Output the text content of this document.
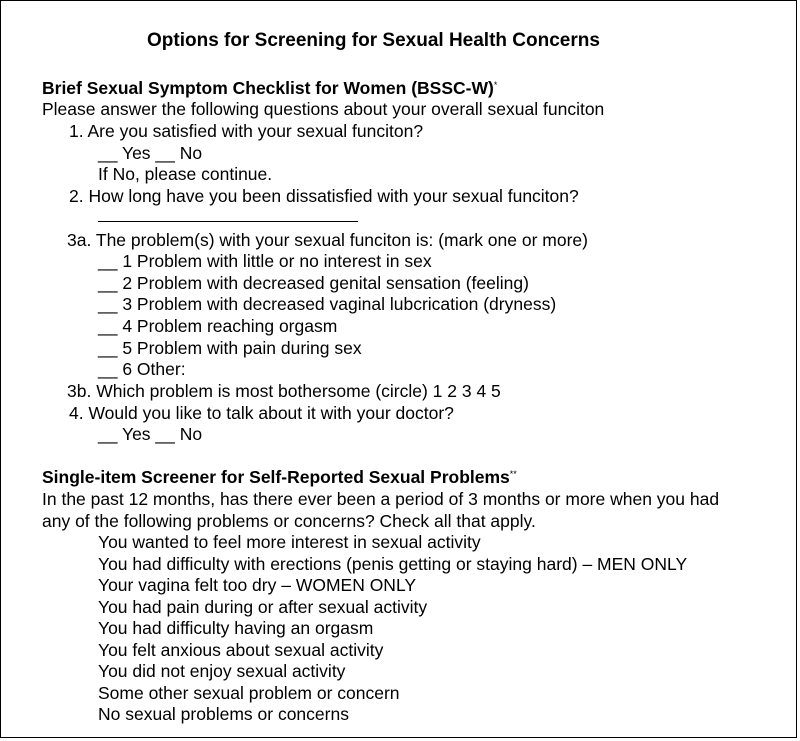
Options for Screening for Sexual Health Concerns
Brief Sexual Symptom Checklist for Women (BSSC-W)*
Please answer the following questions about your overall sexual funciton
1. Are you satisfied with your sexual funciton?
__ Yes __ No
If No, please continue.
2. How long have you been dissatisfied with your sexual funciton?
3a. The problem(s) with your sexual funciton is: (mark one or more)
__ 1 Problem with little or no interest in sex
__ 2 Problem with decreased genital sensation (feeling)
__ 3 Problem with decreased vaginal lubcrication (dryness)
__ 4 Problem reaching orgasm
__ 5 Problem with pain during sex
__ 6 Other:
3b. Which problem is most bothersome (circle) 1 2 3 4 5
4. Would you like to talk about it with your doctor?
__ Yes __ No
Single-item Screener for Self-Reported Sexual Problems**
In the past 12 months, has there ever been a period of 3 months or more when you had
any of the following problems or concerns? Check all that apply.
You wanted to feel more interest in sexual activity
You had difficulty with erections (penis getting or staying hard) – MEN ONLY
Your vagina felt too dry – WOMEN ONLY
You had pain during or after sexual activity
You had difficulty having an orgasm
You felt anxious about sexual activity
You did not enjoy sexual activity
Some other sexual problem or concern
No sexual problems or concerns
